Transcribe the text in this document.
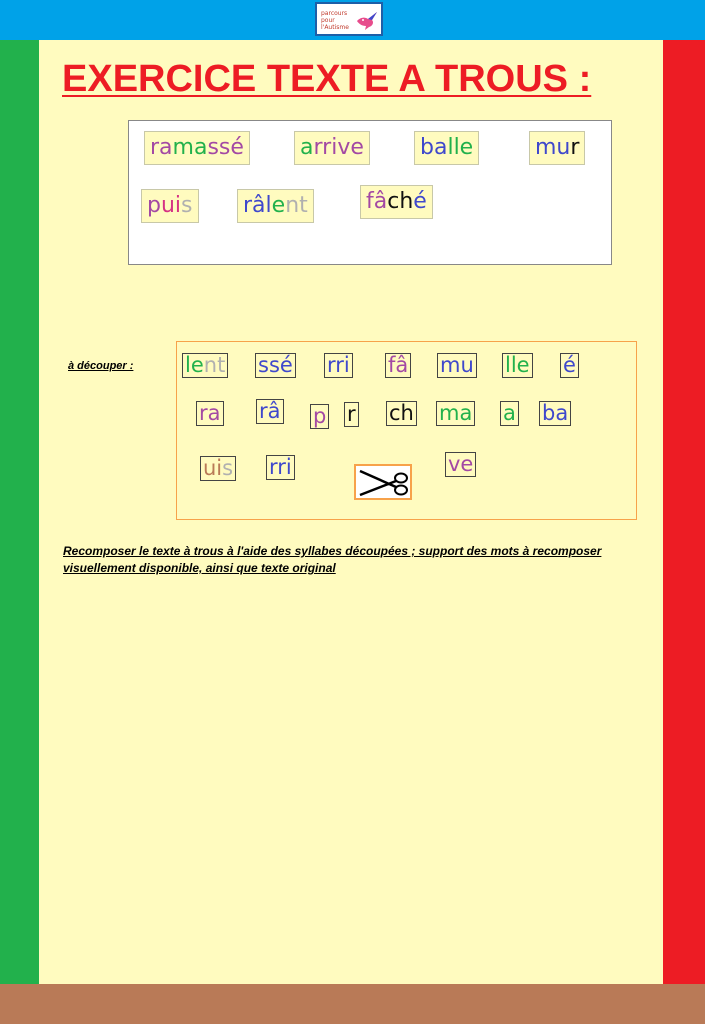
parcours pour l'Autisme
EXERCICE TEXTE A TROUS :
ramassé	arrive	balle	mur
puis râlent	fâché
à découper : lent ssé rri fâ mu lle é
ra râ p r ch ma a ba
uis rri	ve
Recomposer le texte à trous à l'aide des syllabes découpées ; support des mots à recomposer visuellement disponible, ainsi que texte original
